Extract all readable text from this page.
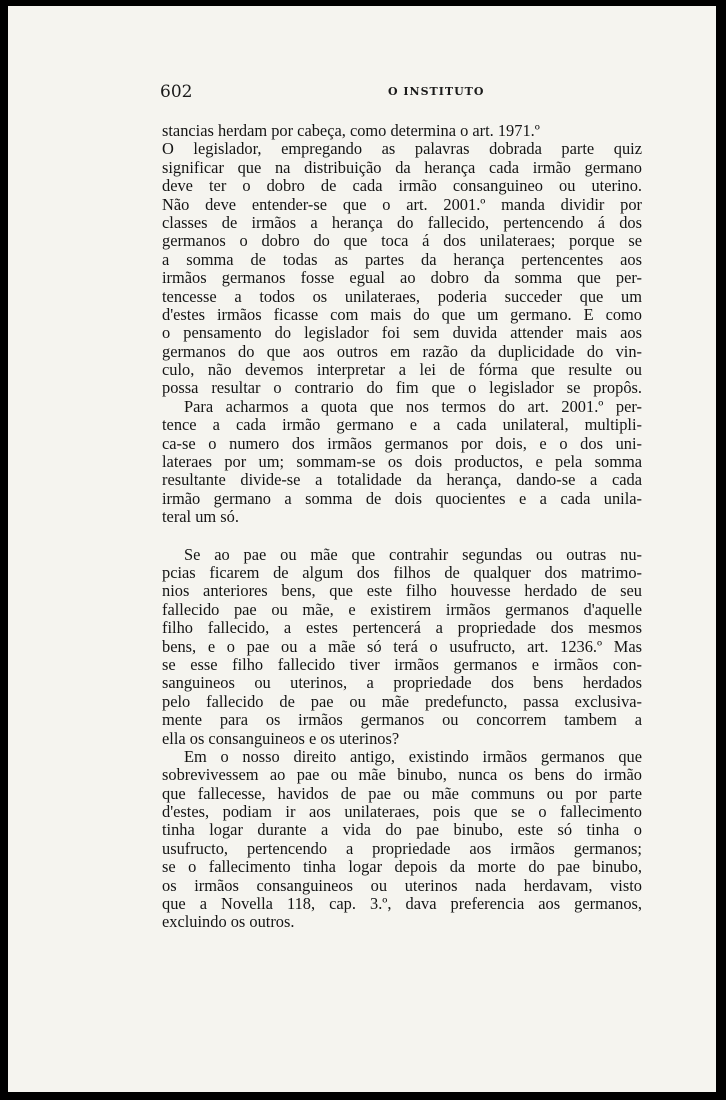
602	O INSTITUTO
stancias herdam por cabeça, como determina o art. 1971.º
O legislador, empregando as palavras dobrada parte quiz
significar que na distribuição da herança cada irmão germano
deve ter o dobro de cada irmão consanguineo ou uterino.
Não deve entender-se que o art. 2001.º manda dividir por
classes de irmãos a herança do fallecido, pertencendo á dos
germanos o dobro do que toca á dos unilateraes; porque se
a somma de todas as partes da herança pertencentes aos
irmãos germanos fosse egual ao dobro da somma que per-
tencesse a todos os unilateraes, poderia succeder que um
d'estes irmãos ficasse com mais do que um germano. E como
o pensamento do legislador foi sem duvida attender mais aos
germanos do que aos outros em razão da duplicidade do vin-
culo, não devemos interpretar a lei de fórma que resulte ou
possa resultar o contrario do fim que o legislador se propôs.
Para acharmos a quota que nos termos do art. 2001.º per-
tence a cada irmão germano e a cada unilateral, multipli-
ca-se o numero dos irmãos germanos por dois, e o dos uni-
lateraes por um; sommam-se os dois productos, e pela somma
resultante divide-se a totalidade da herança, dando-se a cada
irmão germano a somma de dois quocientes e a cada unila-
teral um só.
Se ao pae ou mãe que contrahir segundas ou outras nu-
pcias ficarem de algum dos filhos de qualquer dos matrimo-
nios anteriores bens, que este filho houvesse herdado de seu
fallecido pae ou mãe, e existirem irmãos germanos d'aquelle
filho fallecido, a estes pertencerá a propriedade dos mesmos
bens, e o pae ou a mãe só terá o usufructo, art. 1236.º Mas
se esse filho fallecido tiver irmãos germanos e irmãos con-
sanguineos ou uterinos, a propriedade dos bens herdados
pelo fallecido de pae ou mãe predefuncto, passa exclusiva-
mente para os irmãos germanos ou concorrem tambem a
ella os consanguineos e os uterinos?
Em o nosso direito antigo, existindo irmãos germanos que
sobrevivessem ao pae ou mãe binubo, nunca os bens do irmão
que fallecesse, havidos de pae ou mãe communs ou por parte
d'estes, podiam ir aos unilateraes, pois que se o fallecimento
tinha logar durante a vida do pae binubo, este só tinha o
usufructo, pertencendo a propriedade aos irmãos germanos;
se o fallecimento tinha logar depois da morte do pae binubo,
os irmãos consanguineos ou uterinos nada herdavam, visto
que a Novella 118, cap. 3.º, dava preferencia aos germanos,
excluindo os outros.
